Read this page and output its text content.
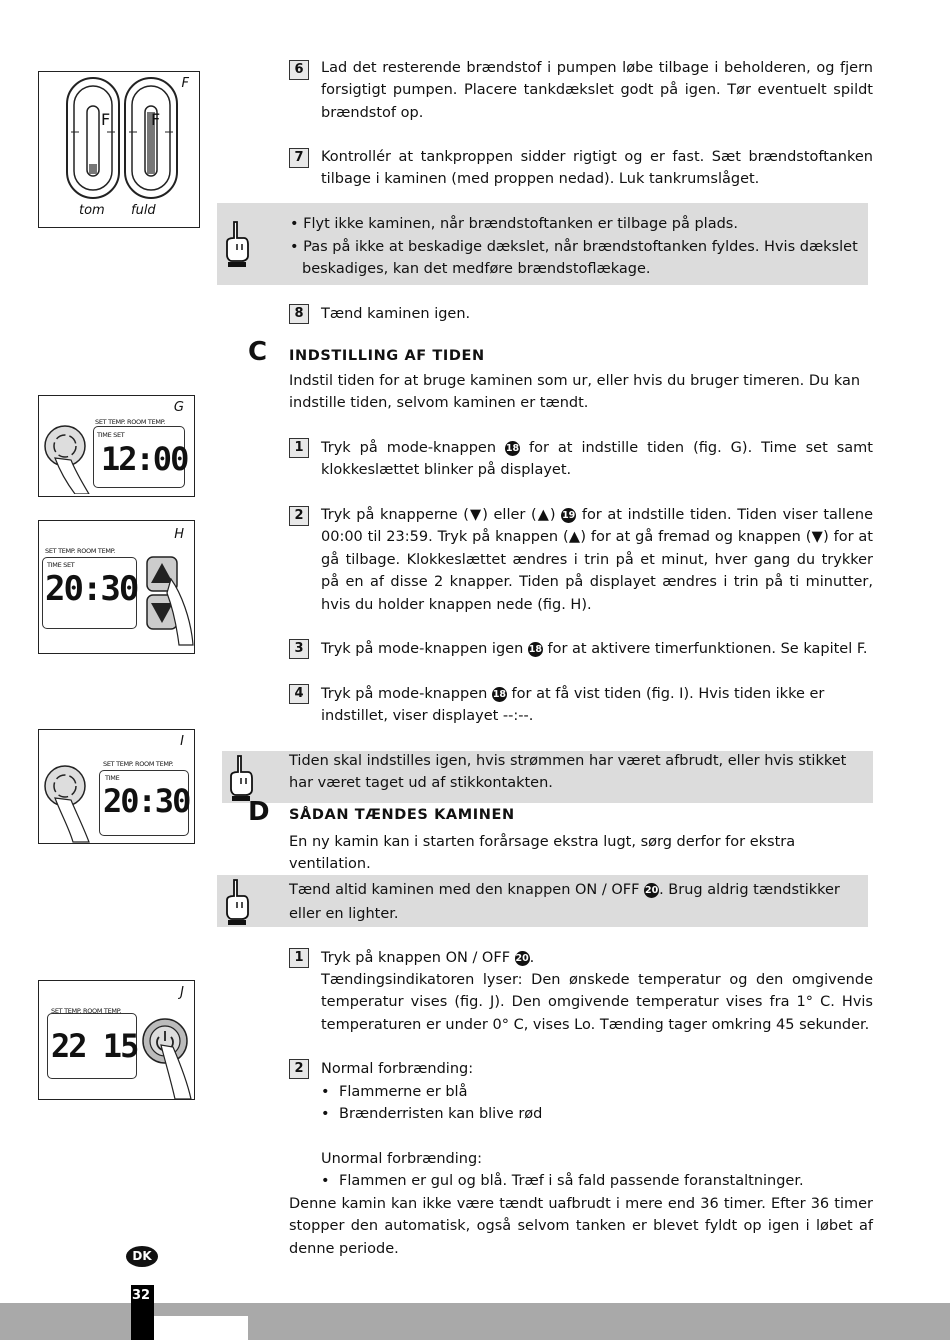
F
F	F
tom fuld
G
SET TEMP. ROOM TEMP.
TIME SET
12:00
H
SET TEMP. ROOM TEMP.
TIME SET
20:30
I
SET TEMP. ROOM TEMP.
TIME
20:30
J
SET TEMP. ROOM TEMP.
22 15
6	Lad det resterende brændstof i pumpen løbe tilbage i beholderen, og fjern forsigtigt pumpen. Placere tankdækslet godt på igen. Tør eventuelt spildt brændstof op.
7	Kontrollér at tankproppen sidder rigtigt og er fast. Sæt brændstoftanken tilbage i kaminen (med proppen nedad). Luk tankrumslåget.
• Flyt ikke kaminen, når brændstoftanken er tilbage på plads.
• Pas på ikke at beskadige dækslet, når brændstoftanken fyldes. Hvis dækslet
beskadiges, kan det medføre brændstoflækage.
8	Tænd kaminen igen.
C INDSTILLING AF TIDEN
Indstil tiden for at bruge kaminen som ur, eller hvis du bruger timeren. Du kan indstille tiden, selvom kaminen er tændt.
1	Tryk på mode-knappen 18 for at indstille tiden (fig. G). Time set samt klokkeslættet blinker på displayet.
2	Tryk på knapperne (▼) eller (▲) 19 for at indstille tiden. Tiden viser tallene 00:00 til 23:59. Tryk på knappen (▲) for at gå fremad og knappen (▼) for at gå tilbage. Klokkeslættet ændres i trin på et minut, hver gang du trykker på en af disse 2 knapper. Tiden på displayet ændres i trin på ti minutter, hvis du holder knappen nede (fig. H).
3	Tryk på mode-knappen igen 18 for at aktivere timerfunktionen. Se kapitel F.
4	Tryk på mode-knappen 18 for at få vist tiden (fig. I). Hvis tiden ikke er indstillet, viser displayet --:--.
Tiden skal indstilles igen, hvis strømmen har været afbrudt, eller hvis stikket har været taget ud af stikkontakten.
D SÅDAN TÆNDES KAMINEN
En ny kamin kan i starten forårsage ekstra lugt, sørg derfor for ekstra ventilation.
Tænd altid kaminen med den knappen ON / OFF 20. Brug aldrig tændstikker eller en lighter.
1	Tryk på knappen ON / OFF 20.
Tændingsindikatoren lyser: Den ønskede temperatur og den omgivende temperatur vises (fig. J). Den omgivende temperatur vises fra 1° C. Hvis temperaturen er under 0° C, vises Lo. Tænding tager omkring 45 sekunder.
2	Normal forbrænding:
• Flammerne er blå
• Brænderristen kan blive rød
Unormal forbrænding:
• Flammen er gul og blå. Træf i så fald passende foranstaltninger.
Denne kamin kan ikke være tændt uafbrudt i mere end 36 timer. Efter 36 timer stopper den automatisk, også selvom tanken er blevet fyldt op igen i løbet af denne periode.
DK
32
